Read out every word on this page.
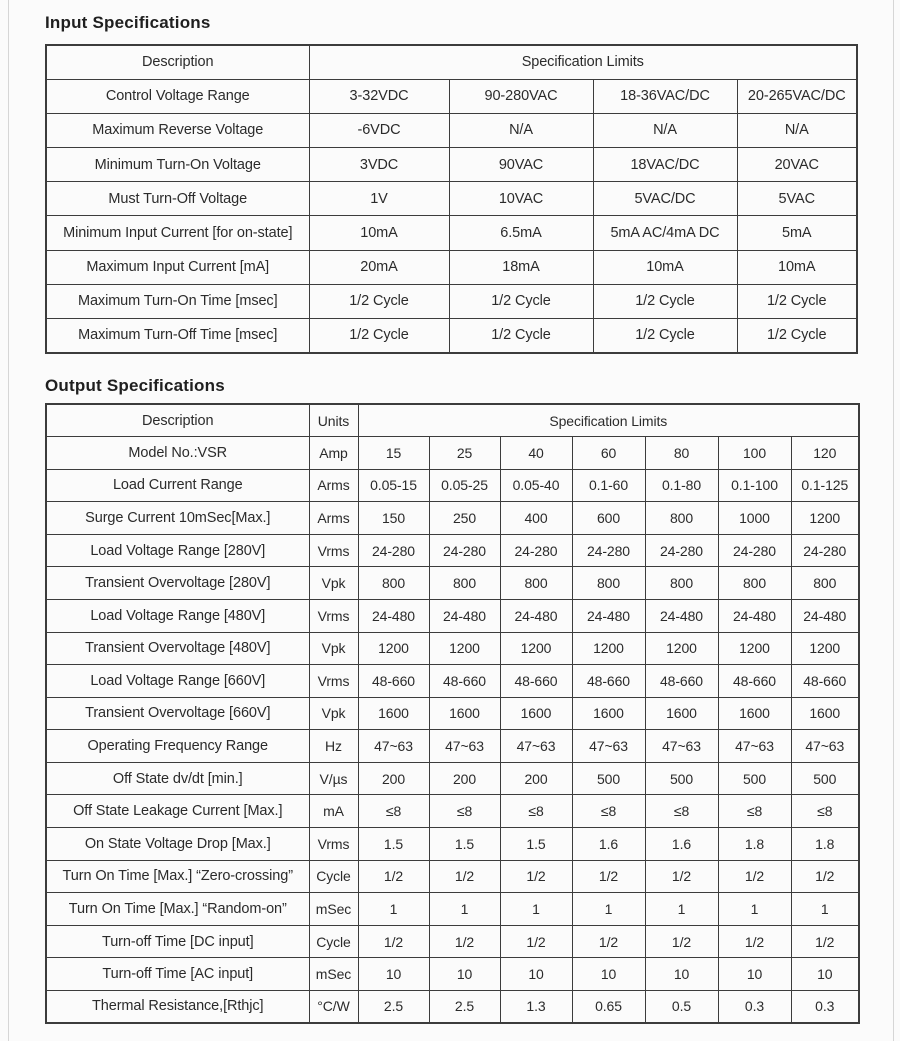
Input Specifications
Description	Specification Limits			
Control Voltage Range	3-32VDC	90-280VAC	18-36VAC/DC	20-265VAC/DC
Maximum Reverse Voltage	-6VDC	N/A	N/A	N/A
Minimum Turn-On Voltage	3VDC	90VAC	18VAC/DC	20VAC
Must Turn-Off Voltage	1V	10VAC	5VAC/DC	5VAC
Minimum Input Current [for on-state]	10mA	6.5mA	5mA AC/4mA DC	5mA
Maximum Input Current [mA]	20mA	18mA	10mA	10mA
Maximum Turn-On Time [msec]	1/2 Cycle	1/2 Cycle	1/2 Cycle	1/2 Cycle
Maximum Turn-Off Time [msec]	1/2 Cycle	1/2 Cycle	1/2 Cycle	1/2 Cycle
Output Specifications
Description	Units	Specification Limits						
Model No.:VSR	Amp	15	25	40	60	80	100	120
Load Current Range	Arms	0.05-15	0.05-25	0.05-40	0.1-60	0.1-80	0.1-100	0.1-125
Surge Current 10mSec[Max.]	Arms	150	250	400	600	800	1000	1200
Load Voltage Range [280V]	Vrms	24-280	24-280	24-280	24-280	24-280	24-280	24-280
Transient Overvoltage [280V]	Vpk	800	800	800	800	800	800	800
Load Voltage Range [480V]	Vrms	24-480	24-480	24-480	24-480	24-480	24-480	24-480
Transient Overvoltage [480V]	Vpk	1200	1200	1200	1200	1200	1200	1200
Load Voltage Range [660V]	Vrms	48-660	48-660	48-660	48-660	48-660	48-660	48-660
Transient Overvoltage [660V]	Vpk	1600	1600	1600	1600	1600	1600	1600
Operating Frequency Range	Hz	47~63	47~63	47~63	47~63	47~63	47~63	47~63
Off State dv/dt [min.]	V/µs	200	200	200	500	500	500	500
Off State Leakage Current [Max.]	mA	≤8	≤8	≤8	≤8	≤8	≤8	≤8
On State Voltage Drop [Max.]	Vrms	1.5	1.5	1.5	1.6	1.6	1.8	1.8
Turn On Time [Max.] “Zero-crossing”	Cycle	1/2	1/2	1/2	1/2	1/2	1/2	1/2
Turn On Time [Max.] “Random-on”	mSec	1	1	1	1	1	1	1
Turn-off Time [DC input]	Cycle	1/2	1/2	1/2	1/2	1/2	1/2	1/2
Turn-off Time [AC input]	mSec	10	10	10	10	10	10	10
Thermal Resistance,[Rthjc]	°C/W	2.5	2.5	1.3	0.65	0.5	0.3	0.3
